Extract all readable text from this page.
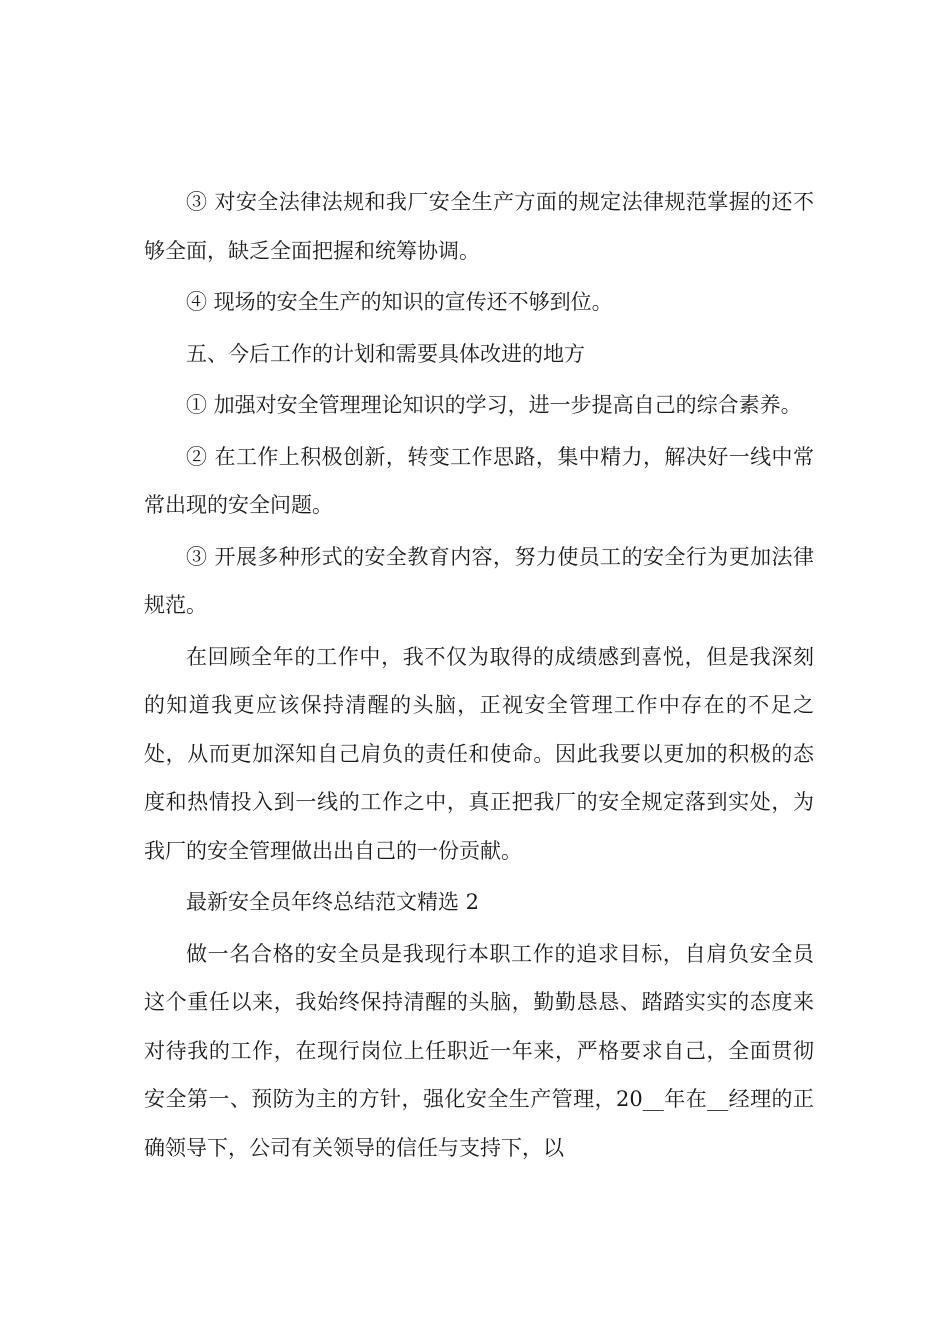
③ 对安全法律法规和我厂安全生产方面的规定法律规范掌握的还不够全面，缺乏全面把握和统筹协调。

④ 现场的安全生产的知识的宣传还不够到位。

五、今后工作的计划和需要具体改进的地方

① 加强对安全管理理论知识的学习，进一步提高自己的综合素养。

② 在工作上积极创新，转变工作思路，集中精力，解决好一线中常常出现的安全问题。

③ 开展多种形式的安全教育内容，努力使员工的安全行为更加法律规范。

在回顾全年的工作中，我不仅为取得的成绩感到喜悦，但是我深刻的知道我更应该保持清醒的头脑，正视安全管理工作中存在的不足之处，从而更加深知自己肩负的责任和使命。因此我要以更加的积极的态度和热情投入到一线的工作之中，真正把我厂的安全规定落到实处，为我厂的安全管理做出出自己的一份贡献。

最新安全员年终总结范文精选 2

做一名合格的安全员是我现行本职工作的追求目标，自肩负安全员这个重任以来，我始终保持清醒的头脑，勤勤恳恳、踏踏实实的态度来对待我的工作，在现行岗位上任职近一年来，严格要求自己，全面贯彻安全第一、预防为主的方针，强化安全生产管理，20__年在__经理的正确领导下，公司有关领导的信任与支持下，以
